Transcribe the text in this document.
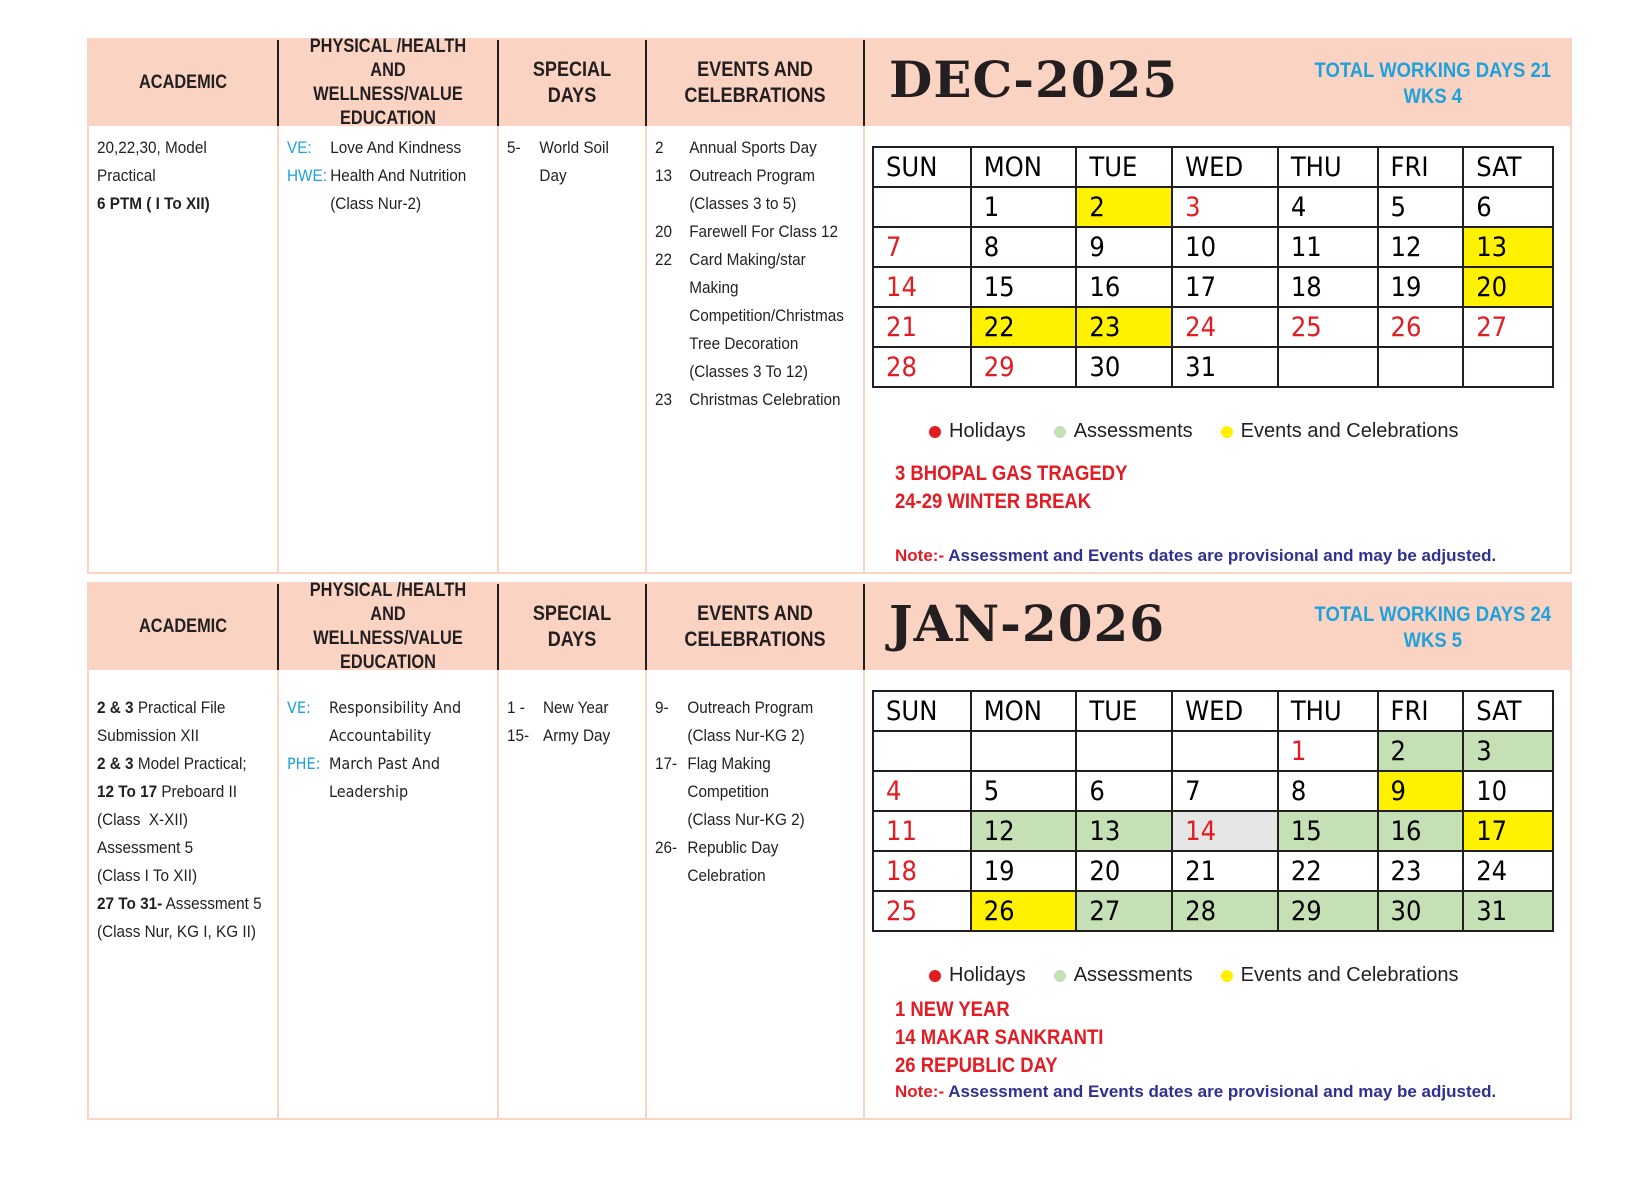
ACADEMIC
PHYSICAL /HEALTH AND
WELLNESS/VALUE
EDUCATION
SPECIAL
DAYS
EVENTS AND
CELEBRATIONS DEC-2025	TOTAL WORKING DAYS 21
WKS 4
20,22,30, Model
Practical
6 PTM ( I To XII)
VE:	Love And Kindness
HWE: Health And Nutrition
(Class Nur-2)
5-	World Soil
Day
2	Annual Sports Day
13	Outreach Program
(Classes 3 to 5)
20	Farewell For Class 12
22	Card Making/star
Making
Competition/Christmas
Tree Decoration
(Classes 3 To 12)
23	Christmas Celebration
SUN	MON	TUE	WED	THU	FRI	SAT
	1	2	3	4	5	6
7	8	9	10	11	12	13
14	15	16	17	18	19	20
21	22	23	24	25	26	27
28	29	30	31			
Holidays Assessments Events and Celebrations
3 BHOPAL GAS TRAGEDY
24-29 WINTER BREAK
Note:- Assessment and Events dates are provisional and may be adjusted.
ACADEMIC
PHYSICAL /HEALTH AND
WELLNESS/VALUE
EDUCATION
SPECIAL
DAYS
EVENTS AND
CELEBRATIONS JAN-2026	TOTAL WORKING DAYS 24
WKS 5
2 & 3 Practical File
Submission XII
2 & 3 Model Practical;
12 To 17 Preboard II
(Class  X-XII)
Assessment 5
(Class I To XII)
27 To 31- Assessment 5
(Class Nur, KG I, KG II)
VE:	Responsibility And
Accountability
PHE: March Past And
Leadership
1 -	New Year
15- Army Day
9-	Outreach Program
(Class Nur-KG 2)
17- Flag Making
Competition
(Class Nur-KG 2)
26- Republic Day
Celebration
SUN	MON	TUE	WED	THU	FRI	SAT
				1	2	3
4	5	6	7	8	9	10
11	12	13	14	15	16	17
18	19	20	21	22	23	24
25	26	27	28	29	30	31
Holidays Assessments Events and Celebrations
1 NEW YEAR
14 MAKAR SANKRANTI
26 REPUBLIC DAY
Note:- Assessment and Events dates are provisional and may be adjusted.
